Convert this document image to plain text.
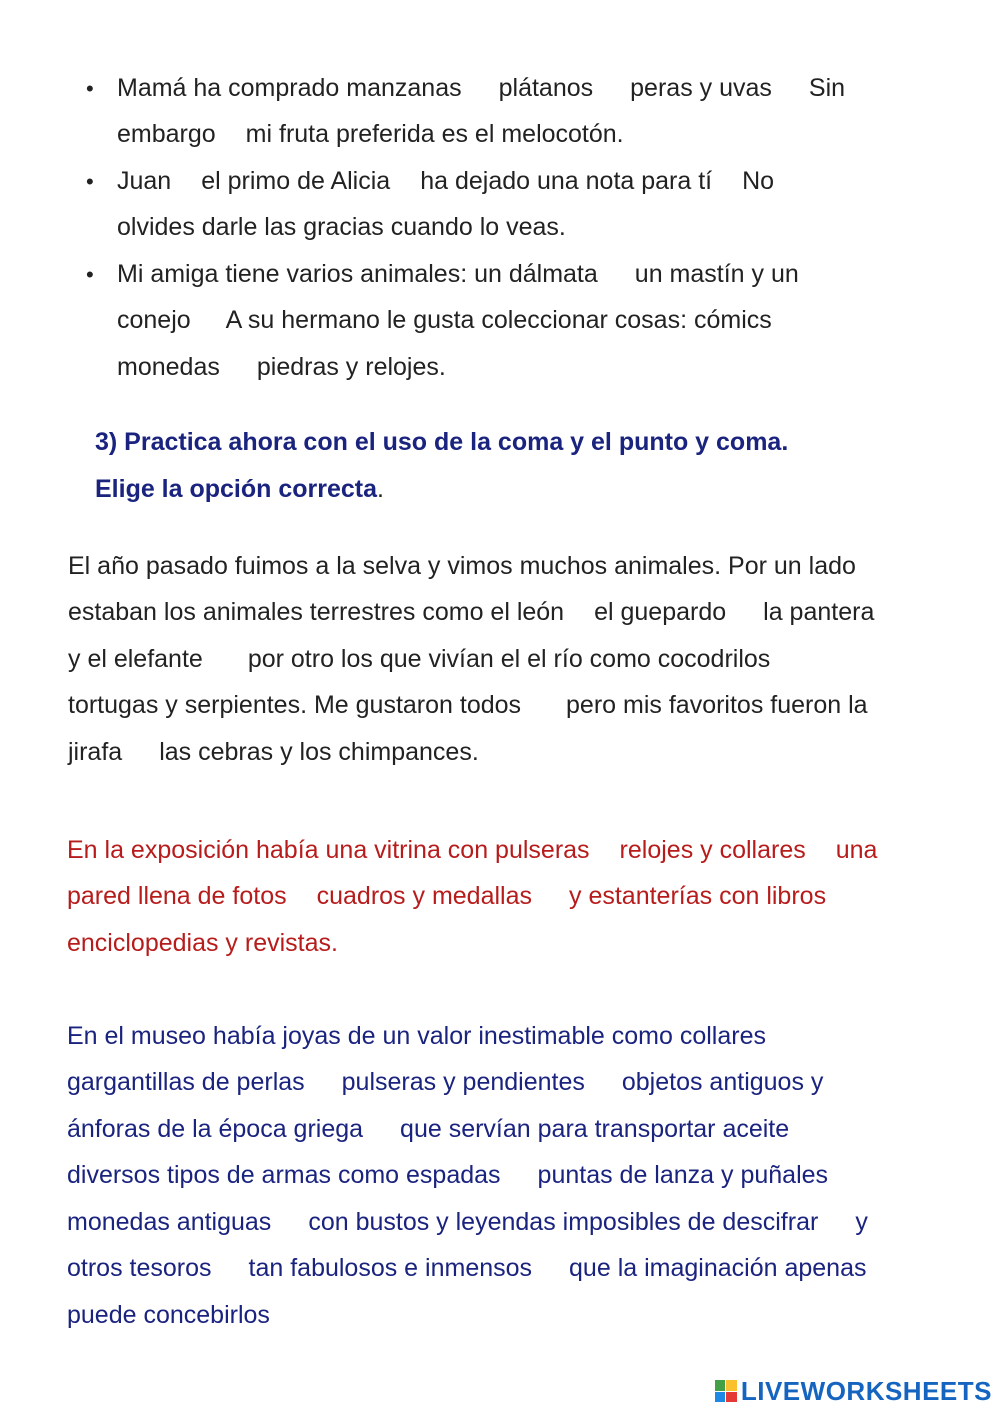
• Mamá ha comprado manzanas plátanos peras y uvas Sin
embargo mi fruta preferida es el melocotón.
• Juan el primo de Alicia ha dejado una nota para tí No
olvides darle las gracias cuando lo veas.
• Mi amiga tiene varios animales: un dálmata un mastín y un
conejo A su hermano le gusta coleccionar cosas: cómics
monedas piedras y relojes.
3) Practica ahora con el uso de la coma y el punto y coma.
Elige la opción correcta.
El año pasado fuimos a la selva y vimos muchos animales. Por un lado
estaban los animales terrestres como el león el guepardo la pantera
y el elefante por otro los que vivían el el río como cocodrilos
tortugas y serpientes. Me gustaron todos pero mis favoritos fueron la
jirafa las cebras y los chimpances.
En la exposición había una vitrina con pulseras relojes y collares una
pared llena de fotos cuadros y medallas y estanterías con libros
enciclopedias y revistas.
En el museo había joyas de un valor inestimable como collares
gargantillas de perlas pulseras y pendientes objetos antiguos y
ánforas de la época griega que servían para transportar aceite
diversos tipos de armas como espadas puntas de lanza y puñales
monedas antiguas con bustos y leyendas imposibles de descifrar y
otros tesoros tan fabulosos e inmensos que la imaginación apenas
puede concebirlos
LIVEWORKSHEETS
